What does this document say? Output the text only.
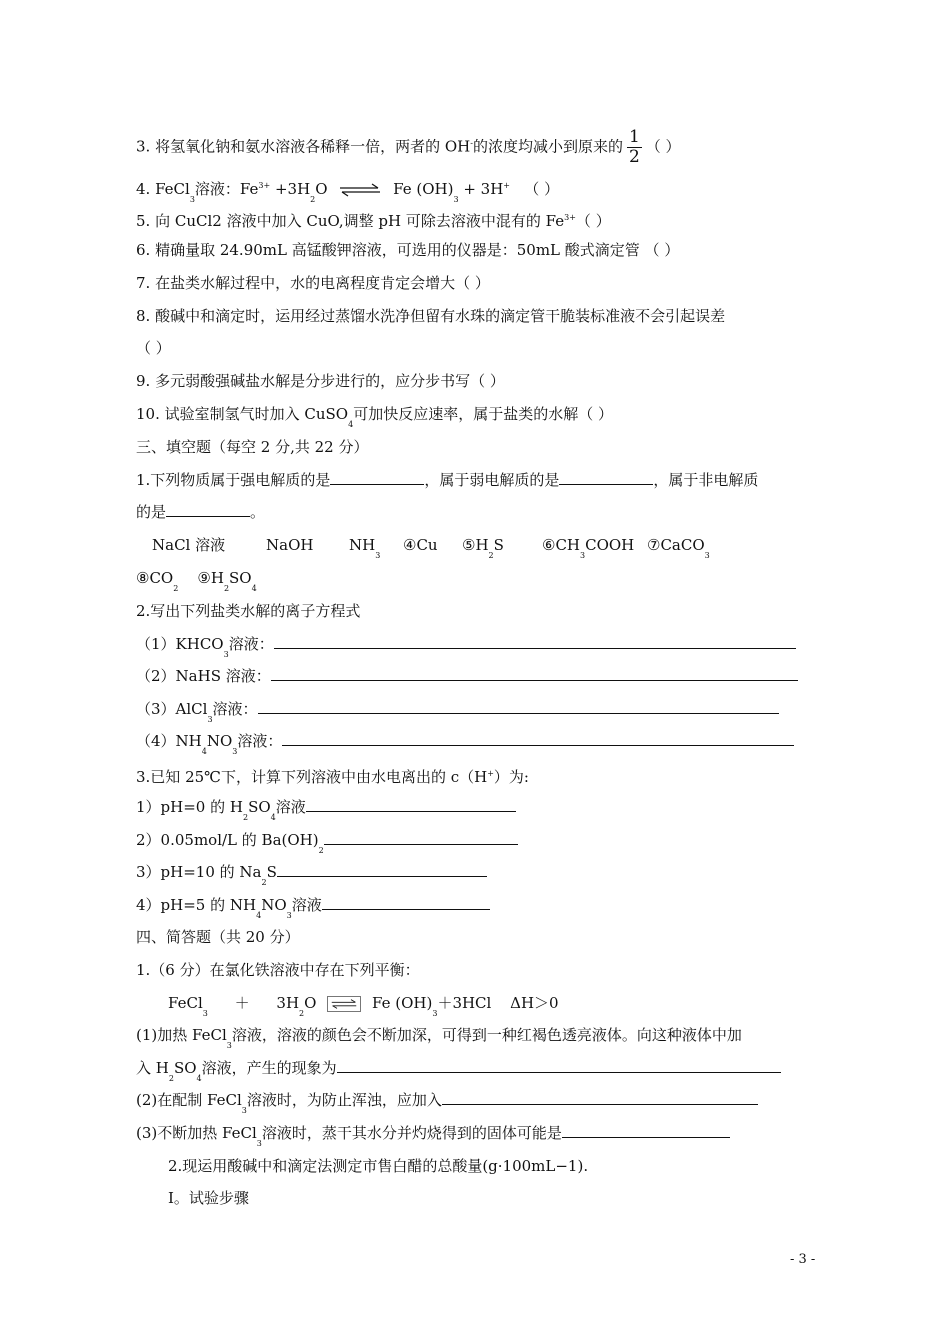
3. 将氢氧化钠和氨水溶液各稀释一倍，两者的 OH-的浓度均减小到原来的 $\frac{1}{2}$ （ ）
4. FeCl$_3$溶液：$Fe^{3+} +3H_2O$ ⇌ Fe $(OH)_3 + 3H^+$ （ ）
5. 向 CuCl2 溶液中加入 CuO,调整 pH 可除去溶液中混有的 $Fe^{3+}$（ ）
6. 精确量取 24.90mL 高锰酸钾溶液，可选用的仪器是：50mL 酸式滴定管 （ ）
7. 在盐类水解过程中，水的电离程度肯定会增大（ ）
8. 酸碱中和滴定时，运用经过蒸馏水洗净但留有水珠的滴定管干脆装标准液不会引起误差
（ ）
9. 多元弱酸强碱盐水解是分步进行的，应分步书写（ ）
10. 试验室制氢气时加入 CuSO$_4$可加快反应速率，属于盐类的水解（ ）
三、填空题（每空 2 分,共 22 分）
1.下列物质属于强电解质的是	，属于弱电解质的是	，属于非电解质
的是	。
NaCl 溶液	NaOH $NH_3$
④Cu $⑤H_2S$	$⑥CH_3COOH$ ⑦CaCO$_3$
$⑧CO_2$    $⑨H_2SO_4$
2.写出下列盐类水解的离子方程式
$(1)KHCO_3$溶液：
（2）NaHS 溶液：
（3）AlCl$_3$溶液：
$(4)NH_4NO_3$溶液：
3.已知 25℃下，计算下列溶液中由水电离出的 c（H+）为:
1）pH=0 的 $H_2SO_4$溶液
2）0.05mol/L 的 $Ba(OH)_2$
3）pH=10 的 $Na_2S$
4）pH=5 的 $NH_4NO_3$溶液
四、简答题（共 20 分）
1.（6 分）在氯化铁溶液中存在下列平衡：
FeCl$_3$ ＋ $3H_2O$ ⇌ Fe $(OH)_3+3HCl$ ΔH＞0
(1)加热 FeCl$_3$溶液，溶液的颜色会不断加深，可得到一种红褐色透亮液体。向这种液体中加
入 $H_2SO_4$溶液，产生的现象为
(2)在配制 FeCl$_3$溶液时，为防止浑浊，应加入
(3)不断加热 FeCl$_3$溶液时，蒸干其水分并灼烧得到的固体可能是
2.现运用酸碱中和滴定法测定市售白醋的总酸量(g·100mL−1).
Ⅰ。试验步骤
- 3 -
